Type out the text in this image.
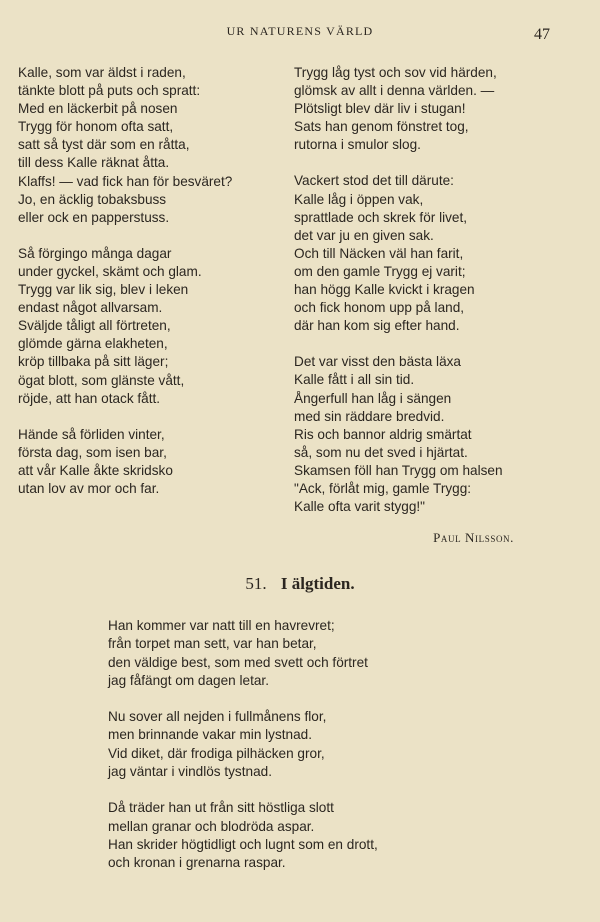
UR NATURENS VÄRLD	47
Kalle, som var äldst i raden,
tänkte blott på puts och spratt:
Med en läckerbit på nosen
Trygg för honom ofta satt,
satt så tyst där som en råtta,
till dess Kalle räknat åtta.
Klaffs! — vad fick han för besväret?
Jo, en äcklig tobaksbuss
eller ock en papperstuss.
Så förgingo många dagar
under gyckel, skämt och glam.
Trygg var lik sig, blev i leken
endast något allvarsam.
Sväljde tåligt all förtreten,
glömde gärna elakheten,
kröp tillbaka på sitt läger;
ögat blott, som glänste vått,
röjde, att han otack fått.
Hände så förliden vinter,
första dag, som isen bar,
att vår Kalle åkte skridsko
utan lov av mor och far.
Trygg låg tyst och sov vid härden,
glömsk av allt i denna världen. —
Plötsligt blev där liv i stugan!
Sats han genom fönstret tog,
rutorna i smulor slog.
Vackert stod det till därute:
Kalle låg i öppen vak,
sprattlade och skrek för livet,
det var ju en given sak.
Och till Näcken väl han farit,
om den gamle Trygg ej varit;
han högg Kalle kvickt i kragen
och fick honom upp på land,
där han kom sig efter hand.
Det var visst den bästa läxa
Kalle fått i all sin tid.
Ångerfull han låg i sängen
med sin räddare bredvid.
Ris och bannor aldrig smärtat
så, som nu det sved i hjärtat.
Skamsen föll han Trygg om halsen
"Ack, förlåt mig, gamle Trygg:
Kalle ofta varit stygg!"
Paul Nilsson.
51. I älgtiden.
Han kommer var natt till en havrevret;
från torpet man sett, var han betar,
den väldige best, som med svett och förtret
jag fåfängt om dagen letar.
Nu sover all nejden i fullmånens flor,
men brinnande vakar min lystnad.
Vid diket, där frodiga pilhäcken gror,
jag väntar i vindlös tystnad.
Då träder han ut från sitt höstliga slott
mellan granar och blodröda aspar.
Han skrider högtidligt och lugnt som en drott,
och kronan i grenarna raspar.
